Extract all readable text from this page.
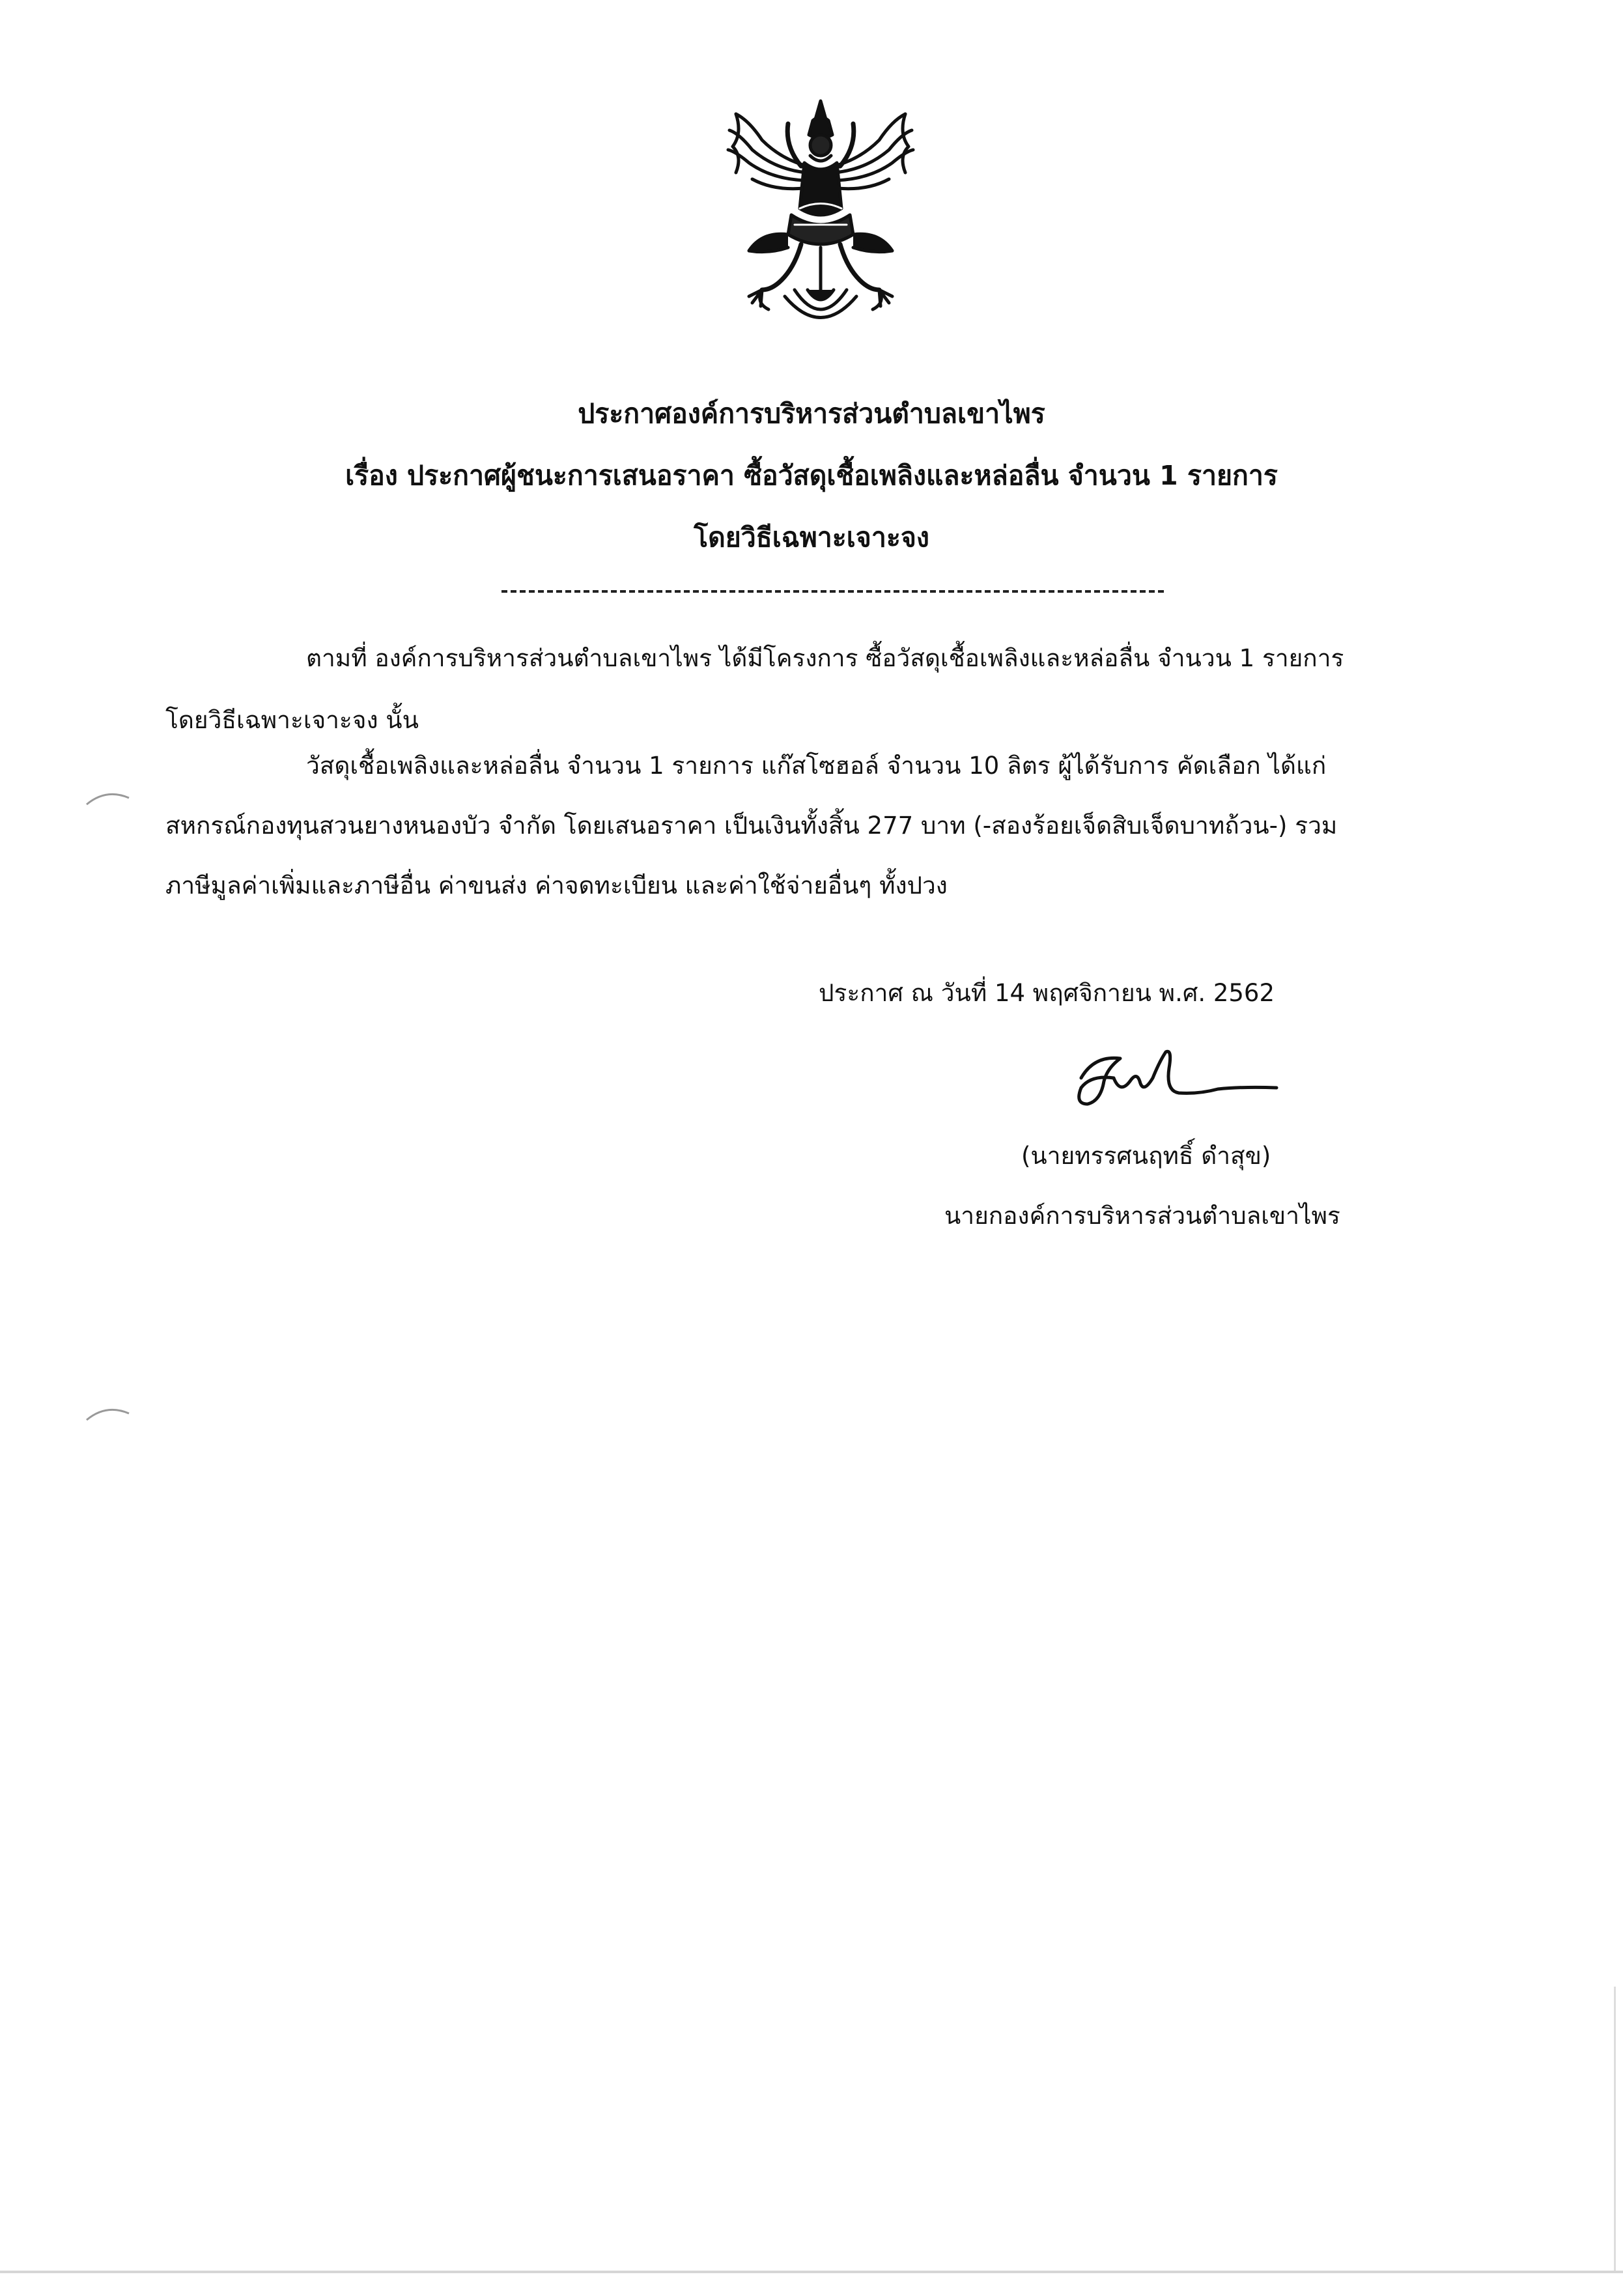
ประกาศองค์การบริหารส่วนตำบลเขาไพร
เรื่อง ประกาศผู้ชนะการเสนอราคา ซื้อวัสดุเชื้อเพลิงและหล่อลื่น จำนวน 1 รายการ
โดยวิธีเฉพาะเจาะจง
ตามที่ องค์การบริหารส่วนตำบลเขาไพร ได้มีโครงการ ซื้อวัสดุเชื้อเพลิงและหล่อลื่น จำนวน 1 รายการ
โดยวิธีเฉพาะเจาะจง นั้น
วัสดุเชื้อเพลิงและหล่อลื่น จำนวน 1 รายการ แก๊สโซฮอล์ จำนวน 10 ลิตร ผู้ได้รับการ คัดเลือก ได้แก่
สหกรณ์กองทุนสวนยางหนองบัว จำกัด โดยเสนอราคา เป็นเงินทั้งสิ้น 277 บาท (-สองร้อยเจ็ดสิบเจ็ดบาทถ้วน-) รวม
ภาษีมูลค่าเพิ่มและภาษีอื่น ค่าขนส่ง ค่าจดทะเบียน และค่าใช้จ่ายอื่นๆ ทั้งปวง
ประกาศ ณ วันที่ 14 พฤศจิกายน พ.ศ. 2562
(นายทรรศนฤทธิ์ ดำสุข)
นายกองค์การบริหารส่วนตำบลเขาไพร
